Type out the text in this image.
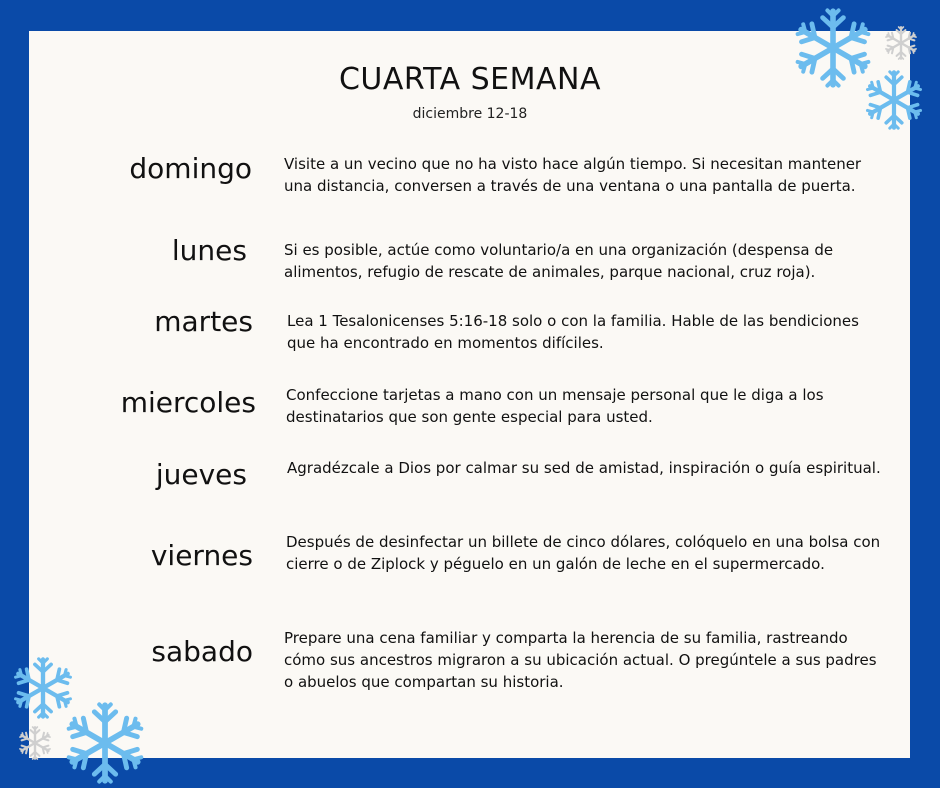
CUARTA SEMANA
diciembre 12-18
domingo
lunes
martes
miercoles
jueves
viernes
sabado
Visite a un vecino que no ha visto hace algún tiempo. Si necesitan mantener una distancia, conversen a través de una ventana o una pantalla de puerta.
Si es posible, actúe como voluntario/a en una organización (despensa de alimentos, refugio de rescate de animales, parque nacional, cruz roja).
Lea 1 Tesalonicenses 5:16-18 solo o con la familia. Hable de las bendiciones que ha encontrado en momentos difíciles.
Confeccione tarjetas a mano con un mensaje personal que le diga a los destinatarios que son gente especial para usted.
Agradézcale a Dios por calmar su sed de amistad, inspiración o guía espiritual.
Después de desinfectar un billete de cinco dólares, colóquelo en una bolsa con cierre o de Ziplock y péguelo en un galón de leche en el supermercado.
Prepare una cena familiar y comparta la herencia de su familia, rastreando cómo sus ancestros migraron a su ubicación actual. O pregúntele a sus padres o abuelos que compartan su historia.
